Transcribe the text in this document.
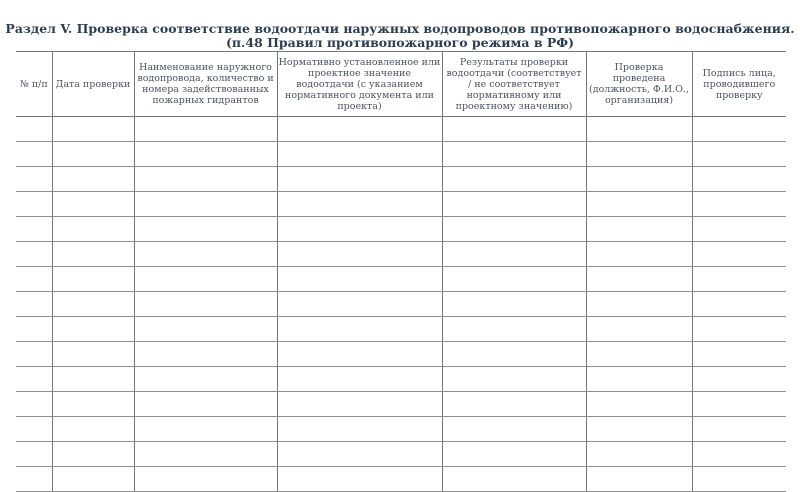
Раздел V. Проверка соответствие водоотдачи наружных водопроводов противопожарного водоснабжения.
(п.48 Правил противопожарного режима в РФ)
№ п/п	Дата проверки	Наименование наружного водопровода, количество и номера задействованных пожарных гидрантов	Нормативно установленное или проектное значение водоотдачи (с указанием нормативного документа или проекта)	Результаты проверки водоотдачи (соответствует / не соответствует нормативному или проектному значению)	Проверка проведена (должность, Ф.И.О., организация)	Подпись лица, проводившего проверку
